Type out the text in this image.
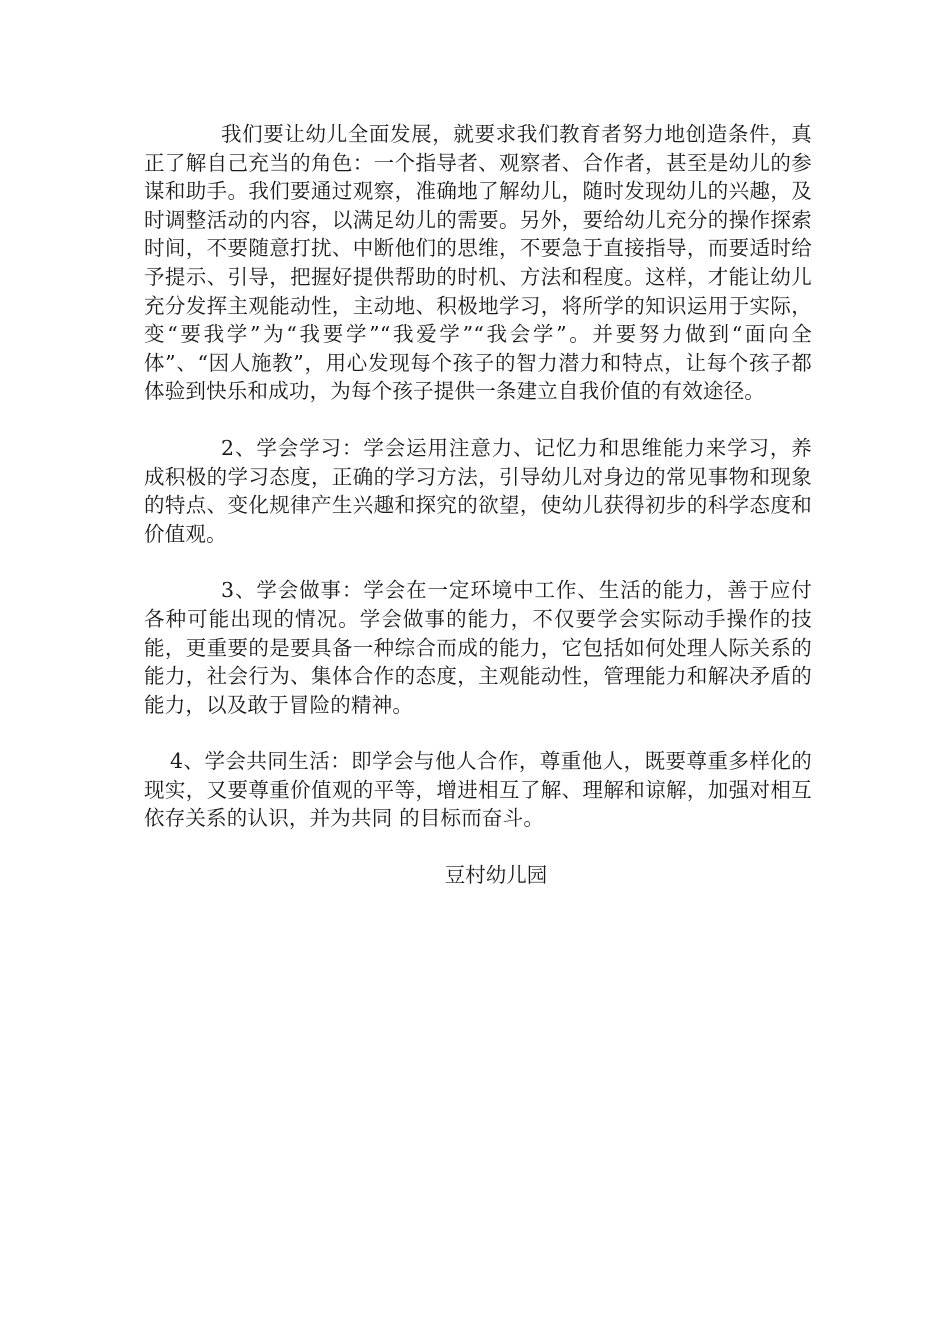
我们要让幼儿全面发展，就要求我们教育者努力地创造条件，真正了解自己充当的角色：一个指导者、观察者、合作者，甚至是幼儿的参谋和助手。我们要通过观察，准确地了解幼儿，随时发现幼儿的兴趣，及时调整活动的内容，以满足幼儿的需要。另外，要给幼儿充分的操作探索时间，不要随意打扰、中断他们的思维，不要急于直接指导，而要适时给予提示、引导，把握好提供帮助的时机、方法和程度。这样，才能让幼儿充分发挥主观能动性，主动地、积极地学习，将所学的知识运用于实际，变“要我学”为“我要学”“我爱学”“我会学”。并要努力做到“面向全体”、“因人施教”，用心发现每个孩子的智力潜力和特点，让每个孩子都体验到快乐和成功，为每个孩子提供一条建立自我价值的有效途径。

2、学会学习：学会运用注意力、记忆力和思维能力来学习，养成积极的学习态度，正确的学习方法，引导幼儿对身边的常见事物和现象的特点、变化规律产生兴趣和探究的欲望，使幼儿获得初步的科学态度和价值观。

3、学会做事：学会在一定环境中工作、生活的能力，善于应付各种可能出现的情况。学会做事的能力，不仅要学会实际动手操作的技能，更重要的是要具备一种综合而成的能力，它包括如何处理人际关系的能力，社会行为、集体合作的态度，主观能动性，管理能力和解决矛盾的能力，以及敢于冒险的精神。

4、学会共同生活：即学会与他人合作，尊重他人，既要尊重多样化的现实，又要尊重价值观的平等，增进相互了解、理解和谅解，加强对相互依存关系的认识，并为共同 的目标而奋斗。

豆村幼儿园
